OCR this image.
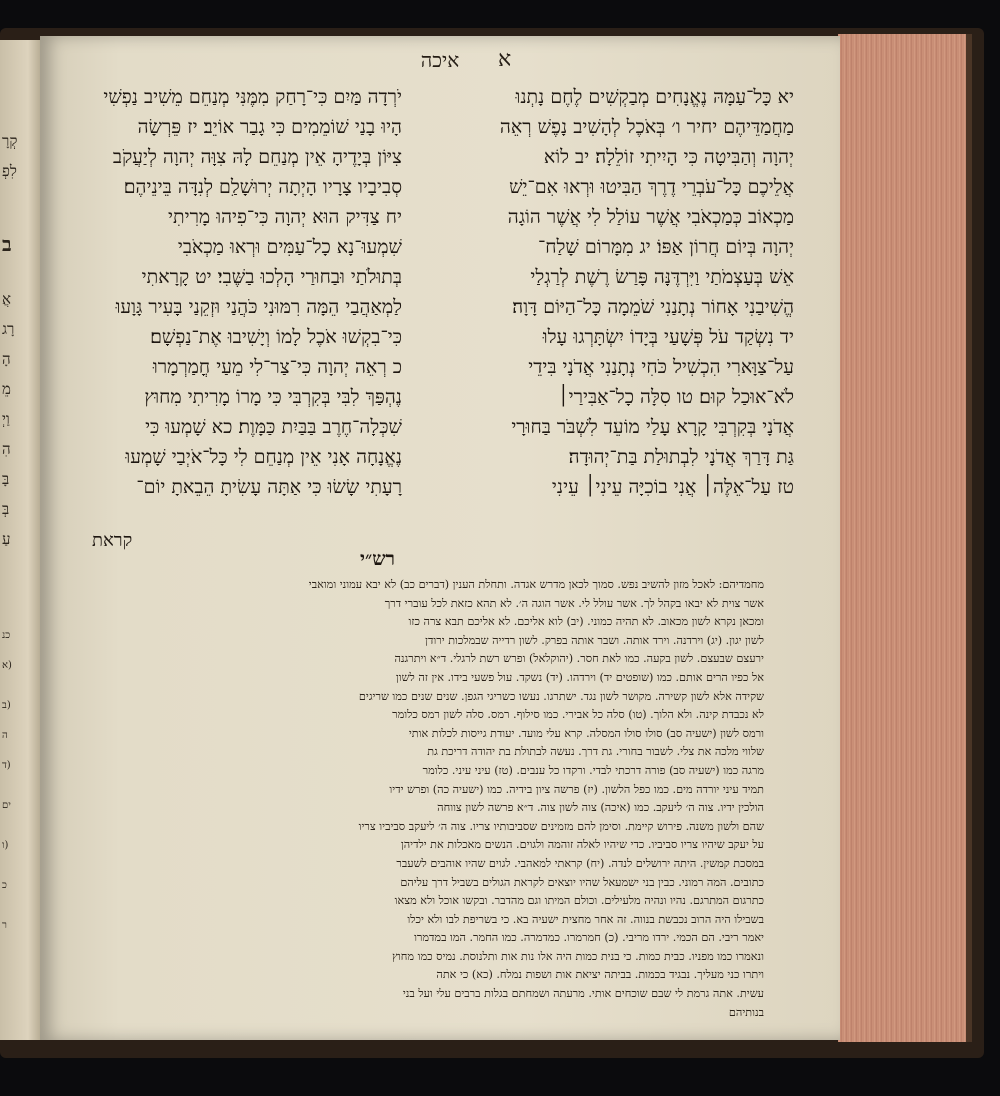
קְרָ
לִפְ
ב
אֲ
רָג
הָ
מֵ
וַיְ
הִ
בָּ
בְּ
עַ
כנ
(א
(ב
ה
(ד
ים
(ו
כ
ר
איכה	א

יא כָּל־עַמָּהּ נֶאֱנָחִים מְבַקְשִׁים לֶחֶם נָתְנוּ

מַחֲמַדֵּיהֶם יחיר ו׳ בְּאֹכֶל לְהָשִׁיב נָפֶשׁ רְאֵה

יְהוָה וְהַבִּיטָה כִּי הָיִיתִי זוֹלֵלָה׃ יב לוֹא

אֲלֵיכֶם כָּל־עֹבְרֵי דֶרֶךְ הַבִּיטוּ וּרְאוּ אִם־יֵשׁ

מַכְאוֹב כְּמַכְאֹבִי אֲשֶׁר עוֹלַל לִי אֲשֶׁר הוֹגָה

יְהוָה בְּיוֹם חֲרוֹן אַפּוֹ׃ יג מִמָּרוֹם שָׁלַח־

אֵשׁ בְּעַצְמֹתַי וַיִּרְדֶּנָּה פָּרַשׂ רֶשֶׁת לְרַגְלַי

הֱשִׁיבַנִי אָחוֹר נְתָנַנִי שֹׁמֵמָה כָּל־הַיּוֹם דָּוָה׃

יד נִשְׂקַד עֹל פְּשָׁעַי בְּיָדוֹ יִשְׂתָּרְגוּ עָלוּ

עַל־צַוָּארִי הִכְשִׁיל כֹּחִי נְתָנַנִי אֲדֹנָי בִּידֵי

לֹא־אוּכַל קוּם׃ טו סִלָּה כָל־אַבִּירַי׀

אֲדֹנָי בְּקִרְבִּי קָרָא עָלַי מוֹעֵד לִשְׁבֹּר בַּחוּרָי

גַּת דָּרַךְ אֲדֹנָי לִבְתוּלַת בַּת־יְהוּדָה׃

טז עַל־אֵלֶּה׀ אֲנִי בוֹכִיָּה עֵינִי׀ עֵינִי

יֹרְדָה מַּיִם כִּי־רָחַק מִמֶּנִּי מְנַחֵם מֵשִׁיב נַפְשִׁי

הָיוּ בָנַי שׁוֹמֵמִים כִּי גָבַר אוֹיֵב׃ יז פֵּרְשָׂה

צִיּוֹן בְּיָדֶיהָ אֵין מְנַחֵם לָהּ צִוָּה יְהוָה לְיַעֲקֹב

סְבִיבָיו צָרָיו הָיְתָה יְרוּשָׁלַ͏ִם לְנִדָּה בֵּינֵיהֶם׃

יח צַדִּיק הוּא יְהוָה כִּי־פִיהוּ מָרִיתִי

שִׁמְעוּ־נָא כָל־עַמִּים וּרְאוּ מַכְאֹבִי

בְּתוּלֹתַי וּבַחוּרַי הָלְכוּ בַשֶּׁבִי׃ יט קָרָאתִי

לַמְאַהֲבַי הֵמָּה רִמּוּנִי כֹּהֲנַי וּזְקֵנַי בָּעִיר גָּוָעוּ

כִּי־בִקְשׁוּ אֹכֶל לָמוֹ וְיָשִׁיבוּ אֶת־נַפְשָׁם׃

כ רְאֵה יְהוָה כִּי־צַר־לִי מֵעַי חֳמַרְמָרוּ

נֶהְפַּךְ לִבִּי בְּקִרְבִּי כִּי מָרוֹ מָרִיתִי מִחוּץ

שִׁכְּלָה־חֶרֶב בַּבַּיִת כַּמָּוֶת׃ כא שָׁמְעוּ כִּי

נֶאֱנָחָה אָנִי אֵין מְנַחֵם לִי כָּל־אֹיְבַי שָׁמְעוּ

רָעָתִי שָׂשׂוּ כִּי אַתָּה עָשִׂיתָ הֵבֵאתָ יוֹם־

קראת
רש״י

מחמדיהם: לאכל מזון להשיב נפש. סמוך לכאן מדרש אגדה. ותחלת הענין (דברים כב) לא יבא עמוני ומואבי

אשר צוית לא יבאו בקהל לך. אשר עולל לי. אשר הוגה ה׳. לא תהא כזאת לכל עוברי דרך

ומכאן נקרא לשון מכאוב. לא תהיה כמוני. (יב) לוא אליכם. לא אליכם תבא צרה כזו

לשון יגון. (יג) וירדנה. וירד אותה. ושבר אותה בפרק. לשון רדייה שבמלכות ירודן

ירעצם שבעצם. לשון בקעה. כמו לאת חסר. (יהוקלאל) ופרש רשת לרגלי. ד״א ויתרגנה

אל כפיו הרים אותם. כמו (שופטים יד) וירדהו. (יד) נשקד. עול פשעי בידו. אין זה לשון

שקידה אלא לשון קשירה. מקושר לשון נגד. ישתרגו. נעשו כשריגי הגפן. שנים שנים כמו שריגים

לא נכבדת קינה. ולא הלוך. (טו) סלה כל אבירי. כמו סילוף. רמס. סלה לשון רמס כלומר

ורמס לשון (ישעיה סב) סולו סולו המסלה. קרא עלי מועד. יעודת גייסות לכלות אותי

שלווי מלכה את צלי. לשבור בחורי. גת דרך. נעשה לבתולת בת יהודה דריכת גת

מרגה כמו (ישעיה סב) פורה דרכתי לבדי. ורקדו כל ענבים. (טז) עיני עיני. כלומר

תמיד עיני יורדה מים. כמו כפל הלשון. (יז) פרשה ציון בידיה. כמו (ישעיה כה) ופרש ידיו

הולכין ידיו. צוה ה׳ ליעקב. כמו (איכה) צוה לשון צוה. ד״א פרשה לשון צווחה

שהם ולשון משנה. פירוש קיימת. וסימן להם מזמינים שסביבותיו צריו. צוה ה׳ ליעקב סביביו צריו

על יעקב שיהיו צריו סביביו. כדי שיהיו לאלה זוהמה ולגוים. הנשים מאכלות את ילדיהן

במסכת קמשין. היתה ירושלים לנדה. (יח) קראתי למאהבי. לגוים שהיו אוהבים לשעבר

כתובים. המה רמוני. כבין בני ישמעאל שהיו יוצאים לקראת הגולים בשביל דרך עליהם

כתרגום המתרגם. נהיו ונהיה מלעילים. וכולם המיתו וגם מהדבר. ובקשו אוכל ולא מצאו

בשבילו היה הרוב נכבשת בנווה. זה אחר מחצית ישעיה בא. כי בשריפת לבו ולא יכלו

יאמר ריבי. הם הכמי. ירדו מריבי. (כ) חמרמרו. כמדמרה. כמו החמר. המו במדמרו

ונאמרו כמו מפניו. כבית כמות. כי בנית כמות היה אלו נות אות ותלנוסת. נמיס כמו מחוץ

ויתרו כני מעליך. נבגיד בכמות. בביתה יציאת אות ושפות נמלח. (כא) כי אתה

עשית. אתה גרמת לי שבם שוכחים אותי. מרעתה ושמחתם בגלות ברבים עלי ועל בני

בנותיהם
